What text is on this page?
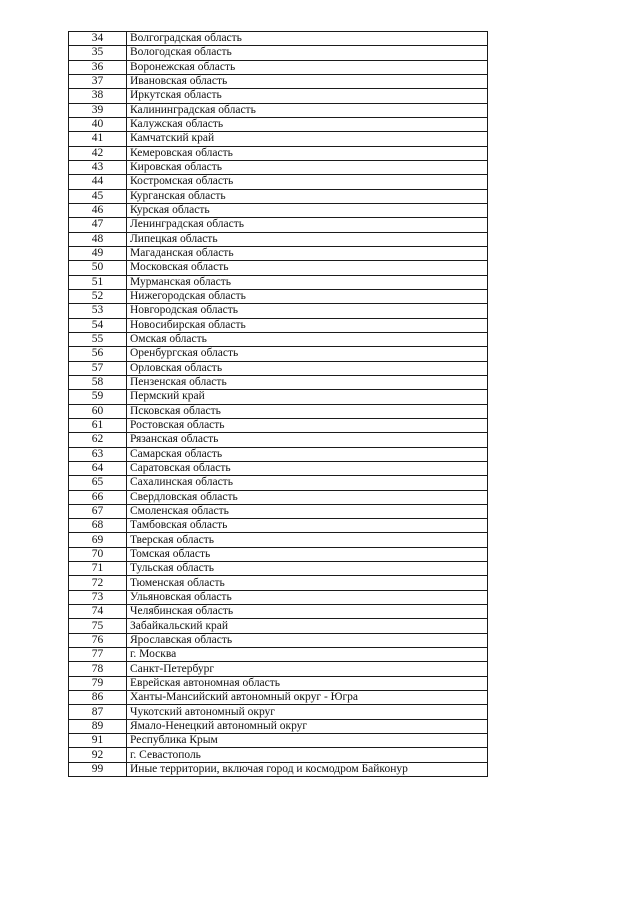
34	Волгоградская область
35	Вологодская область
36	Воронежская область
37	Ивановская область
38	Иркутская область
39	Калининградская область
40	Калужская область
41	Камчатский край
42	Кемеровская область
43	Кировская область
44	Костромская область
45	Курганская область
46	Курская область
47	Ленинградская область
48	Липецкая область
49	Магаданская область
50	Московская область
51	Мурманская область
52	Нижегородская область
53	Новгородская область
54	Новосибирская область
55	Омская область
56	Оренбургская область
57	Орловская область
58	Пензенская область
59	Пермский край
60	Псковская область
61	Ростовская область
62	Рязанская область
63	Самарская область
64	Саратовская область
65	Сахалинская область
66	Свердловская область
67	Смоленская область
68	Тамбовская область
69	Тверская область
70	Томская область
71	Тульская область
72	Тюменская область
73	Ульяновская область
74	Челябинская область
75	Забайкальский край
76	Ярославская область
77	г. Москва
78	Санкт-Петербург
79	Еврейская автономная область
86	Ханты-Мансийский автономный округ - Югра
87	Чукотский автономный округ
89	Ямало-Ненецкий автономный округ
91	Республика Крым
92	г. Севастополь
99	Иные территории, включая город и космодром Байконур
